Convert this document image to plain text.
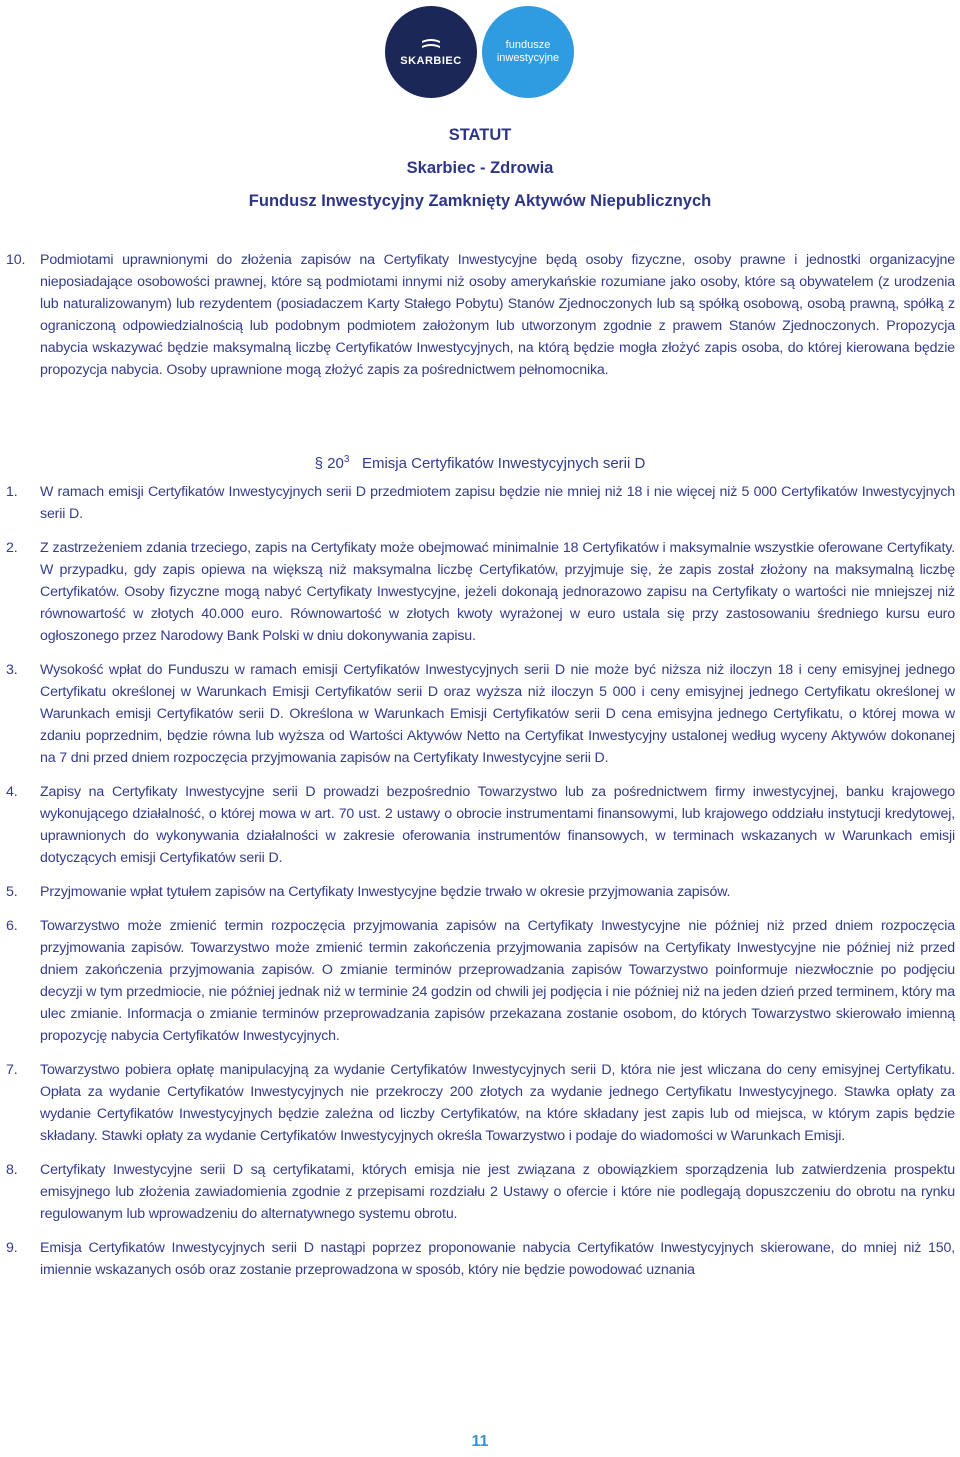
SKARBIEC
fundusze inwestycyjne
STATUT
Skarbiec - Zdrowia
Fundusz Inwestycyjny Zamknięty Aktywów Niepublicznych
10. Podmiotami uprawnionymi do złożenia zapisów na Certyfikaty Inwestycyjne będą osoby fizyczne, osoby prawne i jednostki organizacyjne nieposiadające osobowości prawnej, które są podmiotami innymi niż osoby amerykańskie rozumiane jako osoby, które są obywatelem (z urodzenia lub naturalizowanym) lub rezydentem (posiadaczem Karty Stałego Pobytu) Stanów Zjednoczonych lub są spółką osobową, osobą prawną, spółką z ograniczoną odpowiedzialnością lub podobnym podmiotem założonym lub utworzonym zgodnie z prawem Stanów Zjednoczonych. Propozycja nabycia wskazywać będzie maksymalną liczbę Certyfikatów Inwestycyjnych, na którą będzie mogła złożyć zapis osoba, do której kierowana będzie propozycja nabycia. Osoby uprawnione mogą złożyć zapis za pośrednictwem pełnomocnika.
§ $20^3$ Emisja Certyfikatów Inwestycyjnych serii D
1. W ramach emisji Certyfikatów Inwestycyjnych serii D przedmiotem zapisu będzie nie mniej niż 18 i nie więcej niż 5 000 Certyfikatów Inwestycyjnych serii D.
2. Z zastrzeżeniem zdania trzeciego, zapis na Certyfikaty może obejmować minimalnie 18 Certyfikatów i maksymalnie wszystkie oferowane Certyfikaty. W przypadku, gdy zapis opiewa na większą niż maksymalna liczbę Certyfikatów, przyjmuje się, że zapis został złożony na maksymalną liczbę Certyfikatów. Osoby fizyczne mogą nabyć Certyfikaty Inwestycyjne, jeżeli dokonają jednorazowo zapisu na Certyfikaty o wartości nie mniejszej niż równowartość w złotych 40.000 euro. Równowartość w złotych kwoty wyrażonej w euro ustala się przy zastosowaniu średniego kursu euro ogłoszonego przez Narodowy Bank Polski w dniu dokonywania zapisu.
3. Wysokość wpłat do Funduszu w ramach emisji Certyfikatów Inwestycyjnych serii D nie może być niższa niż iloczyn 18 i ceny emisyjnej jednego Certyfikatu określonej w Warunkach Emisji Certyfikatów serii D oraz wyższa niż iloczyn 5 000 i ceny emisyjnej jednego Certyfikatu określonej w Warunkach emisji Certyfikatów serii D. Określona w Warunkach Emisji Certyfikatów serii D cena emisyjna jednego Certyfikatu, o której mowa w zdaniu poprzednim, będzie równa lub wyższa od Wartości Aktywów Netto na Certyfikat Inwestycyjny ustalonej według wyceny Aktywów dokonanej na 7 dni przed dniem rozpoczęcia przyjmowania zapisów na Certyfikaty Inwestycyjne serii D.
4. Zapisy na Certyfikaty Inwestycyjne serii D prowadzi bezpośrednio Towarzystwo lub za pośrednictwem firmy inwestycyjnej, banku krajowego wykonującego działalność, o której mowa w art. 70 ust. 2 ustawy o obrocie instrumentami finansowymi, lub krajowego oddziału instytucji kredytowej, uprawnionych do wykonywania działalności w zakresie oferowania instrumentów finansowych, w terminach wskazanych w Warunkach emisji dotyczących emisji Certyfikatów serii D.
5. Przyjmowanie wpłat tytułem zapisów na Certyfikaty Inwestycyjne będzie trwało w okresie przyjmowania zapisów.
6. Towarzystwo może zmienić termin rozpoczęcia przyjmowania zapisów na Certyfikaty Inwestycyjne nie później niż przed dniem rozpoczęcia przyjmowania zapisów. Towarzystwo może zmienić termin zakończenia przyjmowania zapisów na Certyfikaty Inwestycyjne nie później niż przed dniem zakończenia przyjmowania zapisów. O zmianie terminów przeprowadzania zapisów Towarzystwo poinformuje niezwłocznie po podjęciu decyzji w tym przedmiocie, nie później jednak niż w terminie 24 godzin od chwili jej podjęcia i nie później niż na jeden dzień przed terminem, który ma ulec zmianie. Informacja o zmianie terminów przeprowadzania zapisów przekazana zostanie osobom, do których Towarzystwo skierowało imienną propozycję nabycia Certyfikatów Inwestycyjnych.
7. Towarzystwo pobiera opłatę manipulacyjną za wydanie Certyfikatów Inwestycyjnych serii D, która nie jest wliczana do ceny emisyjnej Certyfikatu. Opłata za wydanie Certyfikatów Inwestycyjnych nie przekroczy 200 złotych za wydanie jednego Certyfikatu Inwestycyjnego. Stawka opłaty za wydanie Certyfikatów Inwestycyjnych będzie zależna od liczby Certyfikatów, na które składany jest zapis lub od miejsca, w którym zapis będzie składany. Stawki opłaty za wydanie Certyfikatów Inwestycyjnych określa Towarzystwo i podaje do wiadomości w Warunkach Emisji.
8. Certyfikaty Inwestycyjne serii D są certyfikatami, których emisja nie jest związana z obowiązkiem sporządzenia lub zatwierdzenia prospektu emisyjnego lub złożenia zawiadomienia zgodnie z przepisami rozdziału 2 Ustawy o ofercie i które nie podlegają dopuszczeniu do obrotu na rynku regulowanym lub wprowadzeniu do alternatywnego systemu obrotu.
9. Emisja Certyfikatów Inwestycyjnych serii D nastąpi poprzez proponowanie nabycia Certyfikatów Inwestycyjnych skierowane, do mniej niż 150, imiennie wskazanych osób oraz zostanie przeprowadzona w sposób, który nie będzie powodować uznania
11
